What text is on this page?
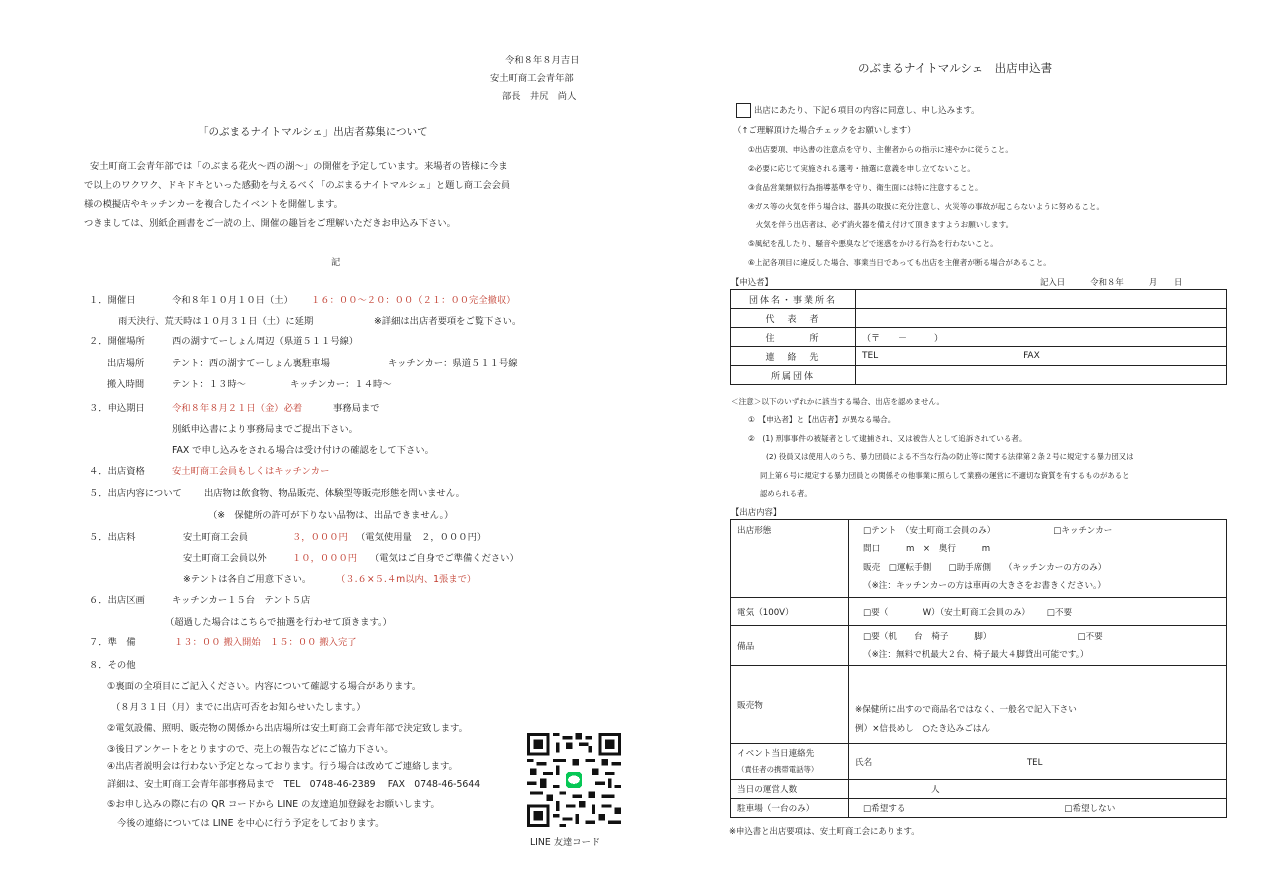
令和８年８月吉日
安土町商工会青年部
部長　井尻　尚人
「のぶまるナイトマルシェ」出店者募集について
安土町商工会青年部では「のぶまる花火～西の湖～」の開催を予定しています。来場者の皆様に今ま
で以上のワクワク、ドキドキといった感動を与えるべく「のぶまるナイトマルシェ」と題し商工会会員
様の模擬店やキッチンカーを複合したイベントを開催します。
つきましては、別紙企画書をご一読の上、開催の趣旨をご理解いただきお申込み下さい。
記
１．開催日	令和８年１０月１０日（土） １６：００～２０：００（２１：００完全撤収）
雨天決行、荒天時は１０月３１日（土）に延期	※詳細は出店者要項をご覧下さい。
２．開催場所	西の湖すてーしょん周辺（県道５１１号線）
出店場所	テント：西の湖すてーしょん裏駐車場	キッチンカー：県道５１１号線
搬入時間	テント：１３時～	キッチンカー：１４時～
３．申込期日	令和８年８月２１日（金）必着	事務局まで
別紙申込書により事務局までご提出下さい。
FAX で申し込みをされる場合は受け付けの確認をして下さい。
４．出店資格	安土町商工会員もしくはキッチンカー
５．出店内容について 出店物は飲食物、物品販売、体験型等販売形態を問いません。
（※　保健所の許可が下りない品物は、出品できません。）
５．出店料	安土町商工会員	３，０００円 （電気使用量　２，０００円）
安土町商工会員以外	１０，０００円 （電気はご自身でご準備ください）
※テントは各自ご用意下さい。	（３.６×５.４m以内、1張まで）
６．出店区画	キッチンカー１５台　テント５店
（超過した場合はこちらで抽選を行わせて頂きます。）
７．準　備	１３：００ 搬入開始　１５：００ 搬入完了
８．その他
①裏面の全項目にご記入ください。内容について確認する場合があります。
（８月３１日（月）までに出店可否をお知らせいたします。）
②電気設備、照明、販売物の関係から出店場所は安土町商工会青年部で決定致します。
③後日アンケートをとりますので、売上の報告などにご協力下さい。
④出店者説明会は行わない予定となっております。行う場合は改めてご連絡します。
詳細は、安土町商工会青年部事務局まで　TEL　0748-46-2389　 FAX　0748-46-5644
⑤お申し込みの際に右の QR コードから LINE の友達追加登録をお願いします。
今後の連絡については LINE を中心に行う予定をしております。
LINE 友達コード
のぶまるナイトマルシェ　出店申込書
出店にあたり、下記６項目の内容に同意し、申し込みます。
（↑ご理解頂けた場合チェックをお願いします）
①出店要項、申込書の注意点を守り、主催者からの指示に速やかに従うこと。
②必要に応じて実施される選考・抽選に意義を申し立てないこと。
③食品営業類似行為指導基準を守り、衛生面には特に注意すること。
④ガス等の火気を伴う場合は、器具の取扱に充分注意し、火災等の事故が起こらないように努めること。
　火気を伴う出店者は、必ず消火器を備え付けて頂きますようお願いします。
⑤風紀を乱したり、騒音や悪臭などで迷惑をかける行為を行わないこと。
⑥上記各項目に違反した場合、事業当日であっても出店を主催者が断る場合があること。
【申込者】	記入日　　　令和８年　　　月　　日
団体名・事業所名	
代　表　者	
住　　　所	（〒　　－　　　）
連　絡　先	TEL FAX
所属団体	
＜注意＞以下のいずれかに該当する場合、出店を認めません。
①　【申込者】と【出店者】が異なる場合。
②　(1) 刑事事件の被疑者として逮捕され、又は被告人として追訴されている者。
(2) 役員又は使用人のうち、暴力団員による不当な行為の防止等に関する法律第２条２号に規定する暴力団又は
同上第６号に規定する暴力団員との関係その他事業に照らして業務の運営に不適切な資質を有するものがあると
認められる者。
【出店内容】
出店形態	□テント　（安土町商工会員のみ） □キッチンカー
間口　　　m　×　奥行　　　m
販売　□運転手側　　□助手席側　　（キッチンカーの方のみ）
（※注：キッチンカーの方は車両の大きさをお書きください。）

電気（100V）	□要（　　　　W）（安土町商工会員のみ） □不要
備品	□要（机　　台　椅子　　　脚） □不要
（※注：無料で机最大２台、椅子最大４脚貸出可能です。）

販売物	※保健所に出すので商品名ではなく、一般名で記入下さい
例）×信長めし　○たき込みごはん

イベント当日連絡先
（責任者の携帯電話等）	氏名 TEL
当日の運営人数	人
駐車場（一台のみ）	□希望する □希望しない
※申込書と出店要項は、安土町商工会にあります。
